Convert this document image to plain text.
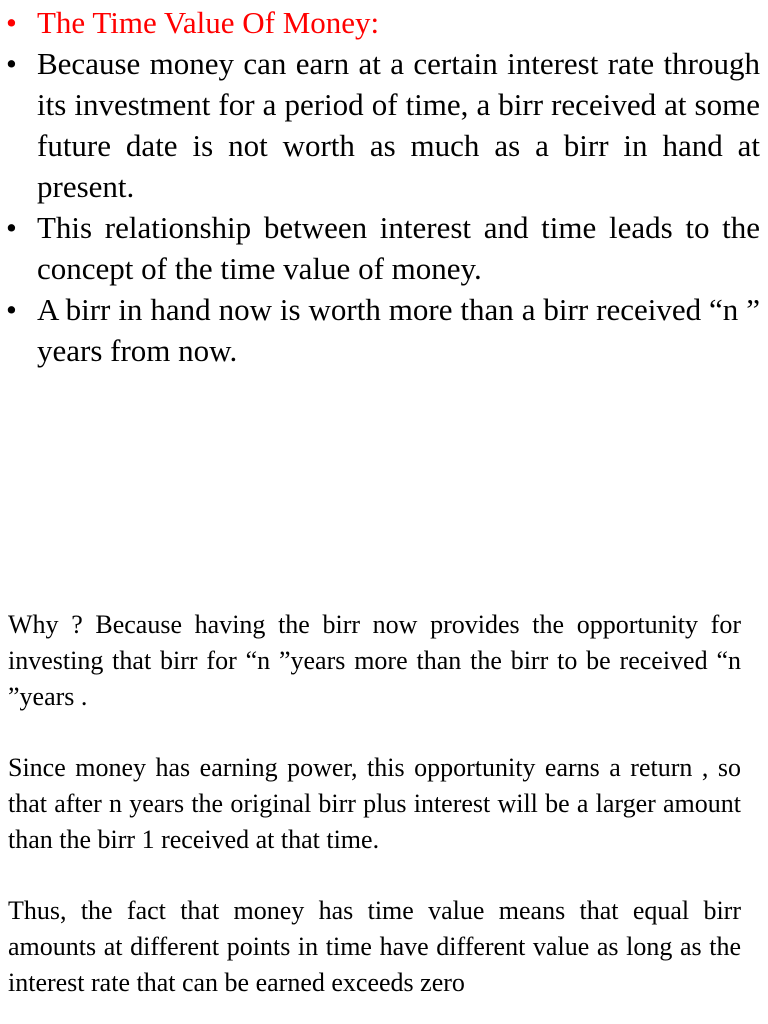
• The Time Value Of Money:
• Because money can earn at a certain interest rate through its investment for a period of time, a birr received at some future date is not worth as much as a birr in hand at present.
• This relationship between interest and time leads to the concept of the time value of money.
• A birr in hand now is worth more than a birr received “n ” years from now.

Why ? Because having the birr now provides the opportunity for investing that birr for “n ”years more than the birr to be received “n ”years .

Since money has earning power, this opportunity earns a return , so that after n years the original birr plus interest will be a larger amount than the birr 1 received at that time.

Thus, the fact that money has time value means that equal birr amounts at different points in time have different value as long as the interest rate that can be earned exceeds zero
